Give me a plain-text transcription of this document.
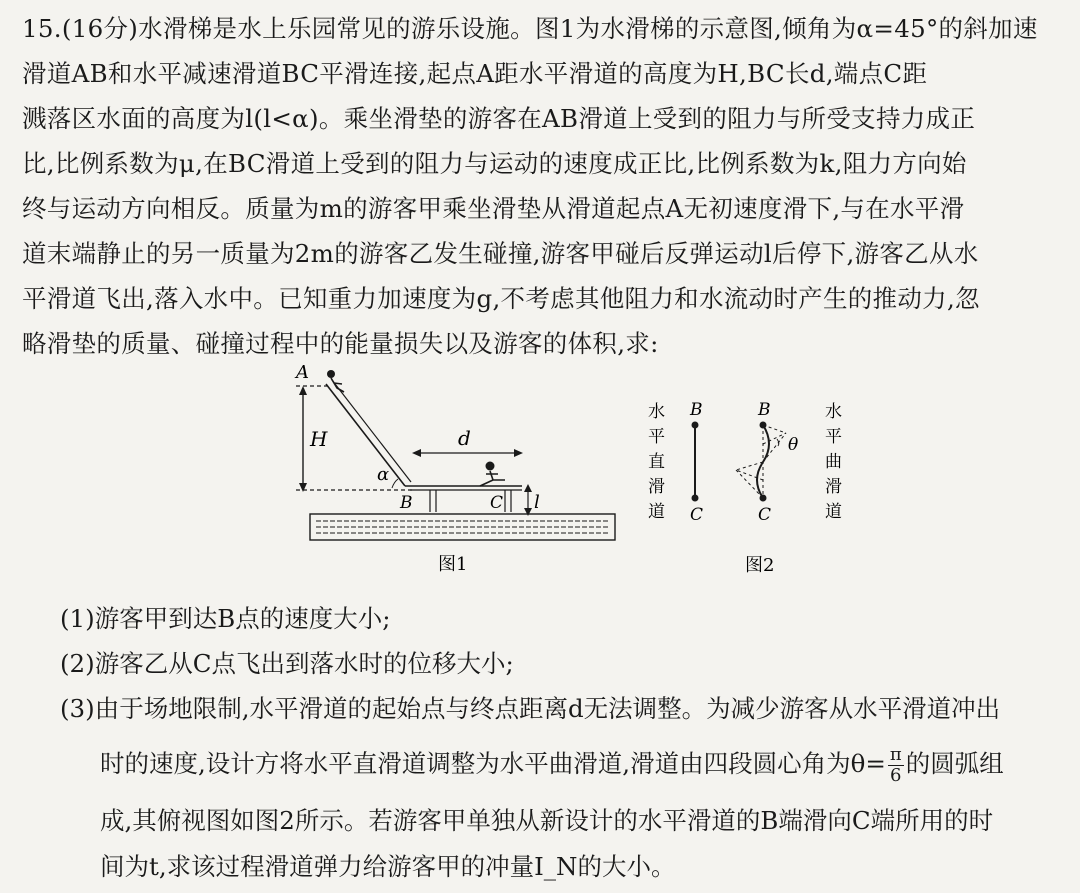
15.(16分)水滑梯是水上乐园常见的游乐设施。图1为水滑梯的示意图,倾角为α=45°的斜加速
滑道AB和水平减速滑道BC平滑连接,起点A距水平滑道的高度为H,BC长d,端点C距
溅落区水面的高度为l(l<α)。乘坐滑垫的游客在AB滑道上受到的阻力与所受支持力成正
比,比例系数为μ,在BC滑道上受到的阻力与运动的速度成正比,比例系数为k,阻力方向始
终与运动方向相反。质量为m的游客甲乘坐滑垫从滑道起点A无初速度滑下,与在水平滑
道末端静止的另一质量为2m的游客乙发生碰撞,游客甲碰后反弹运动l后停下,游客乙从水
平滑道飞出,落入水中。已知重力加速度为g,不考虑其他阻力和水流动时产生的推动力,忽
略滑垫的质量、碰撞过程中的能量损失以及游客的体积,求:
H
A
α
B	C
d
l
图1
水
平
直
滑
道
B
C
B
C
θ
水
平
曲
滑
道
图2
(1)游客甲到达B点的速度大小;
(2)游客乙从C点飞出到落水时的位移大小;
(3)由于场地限制,水平滑道的起始点与终点距离d无法调整。为减少游客从水平滑道冲出
时的速度,设计方将水平直滑道调整为水平曲滑道,滑道由四段圆心角为$\theta= \frac{\pi}{6}$ 的圆弧组
成,其俯视图如图2所示。若游客甲单独从新设计的水平滑道的B端滑向C端所用的时
间为t,求该过程滑道弹力给游客甲的冲量I_N的大小。
